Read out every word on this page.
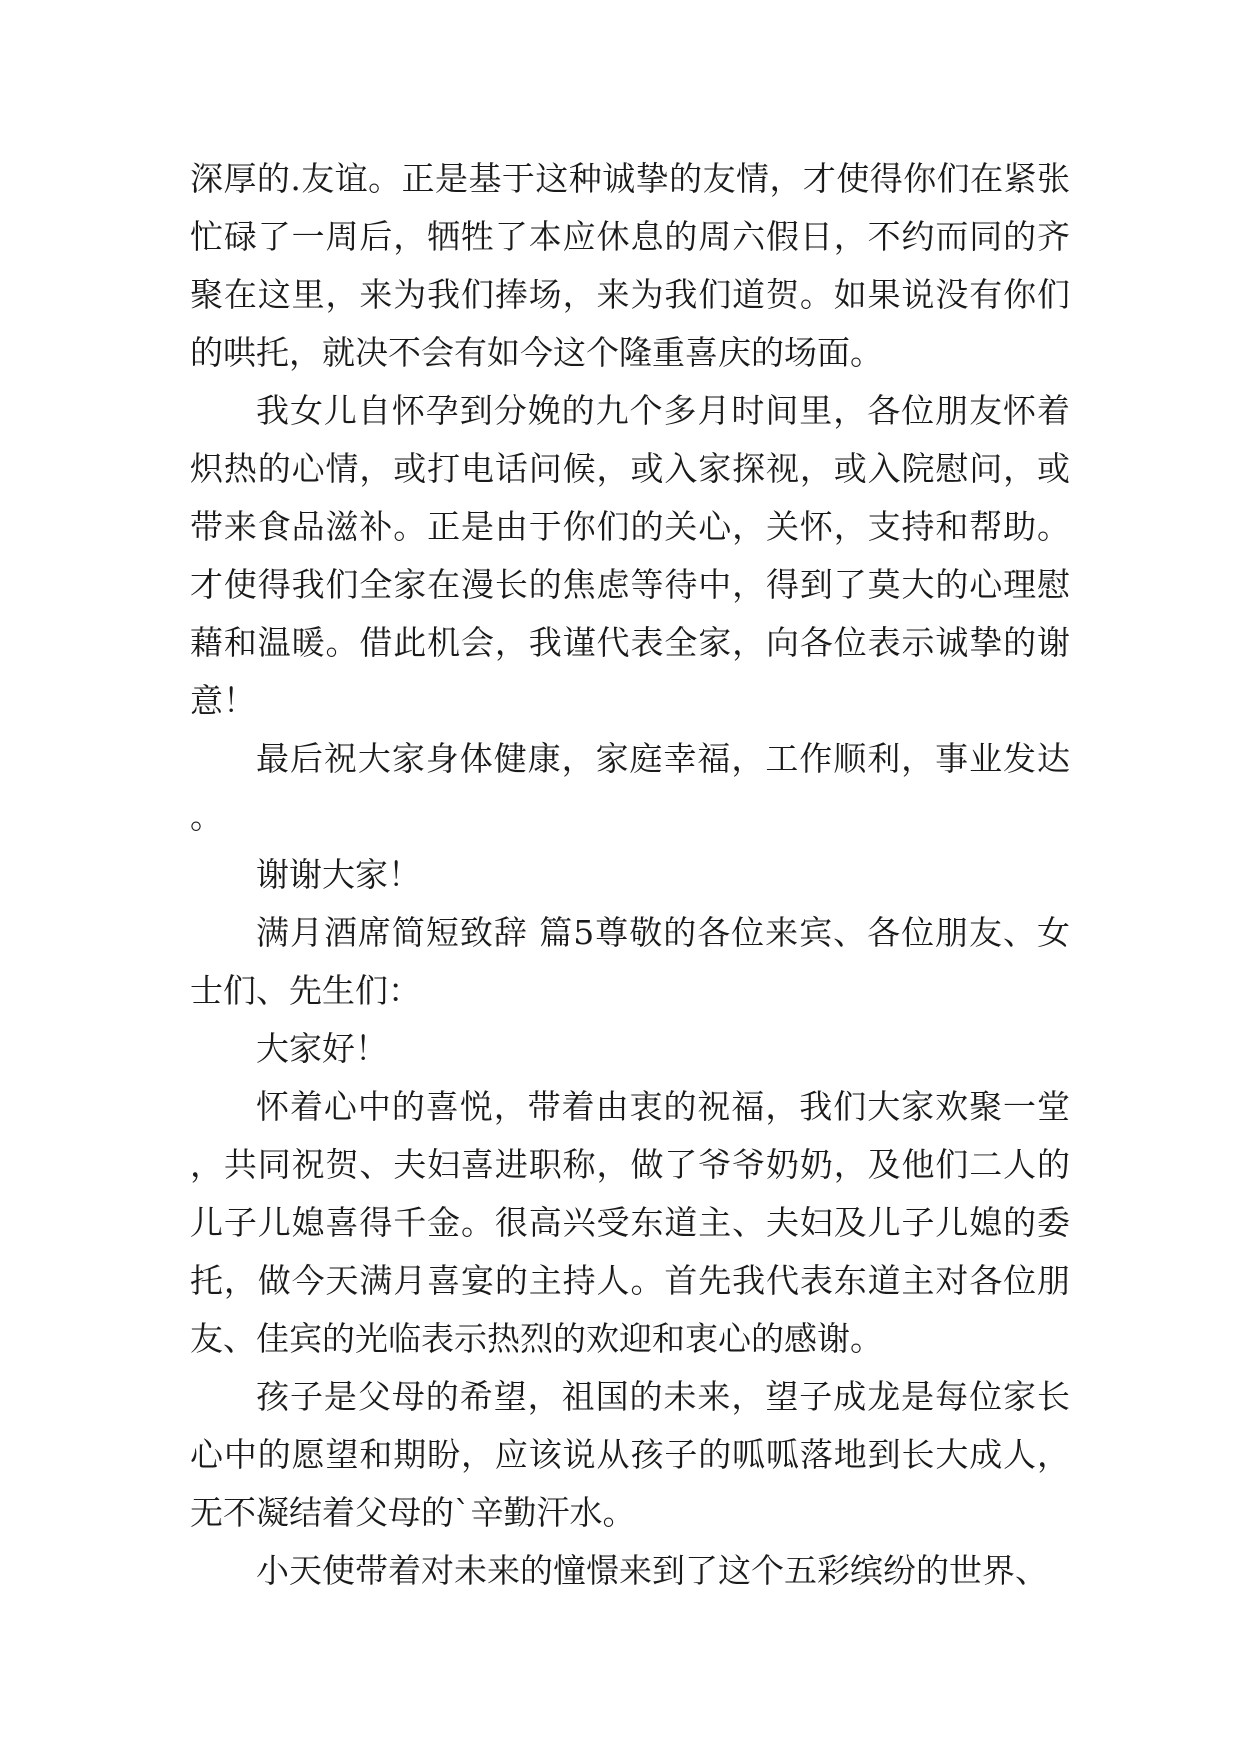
深厚的.友谊。正是基于这种诚挚的友情，才使得你们在紧张忙碌了一周后，牺牲了本应休息的周六假日，不约而同的齐聚在这里，来为我们捧场，来为我们道贺。如果说没有你们的哄托，就决不会有如今这个隆重喜庆的场面。

我女儿自怀孕到分娩的九个多月时间里，各位朋友怀着炽热的心情，或打电话问候，或入家探视，或入院慰问，或带来食品滋补。正是由于你们的关心，关怀，支持和帮助。才使得我们全家在漫长的焦虑等待中，得到了莫大的心理慰藉和温暖。借此机会，我谨代表全家，向各位表示诚挚的谢意！

最后祝大家身体健康，家庭幸福，工作顺利，事业发达。

谢谢大家！

满月酒席简短致辞 篇5尊敬的各位来宾、各位朋友、女士们、先生们：

大家好！

怀着心中的喜悦，带着由衷的祝福，我们大家欢聚一堂，共同祝贺、夫妇喜进职称，做了爷爷奶奶，及他们二人的儿子儿媳喜得千金。很高兴受东道主、夫妇及儿子儿媳的委托，做今天满月喜宴的主持人。首先我代表东道主对各位朋友、佳宾的光临表示热烈的欢迎和衷心的感谢。

孩子是父母的希望，祖国的未来，望子成龙是每位家长心中的愿望和期盼，应该说从孩子的呱呱落地到长大成人，无不凝结着父母的`辛勤汗水。

小天使带着对未来的憧憬来到了这个五彩缤纷的世界、
